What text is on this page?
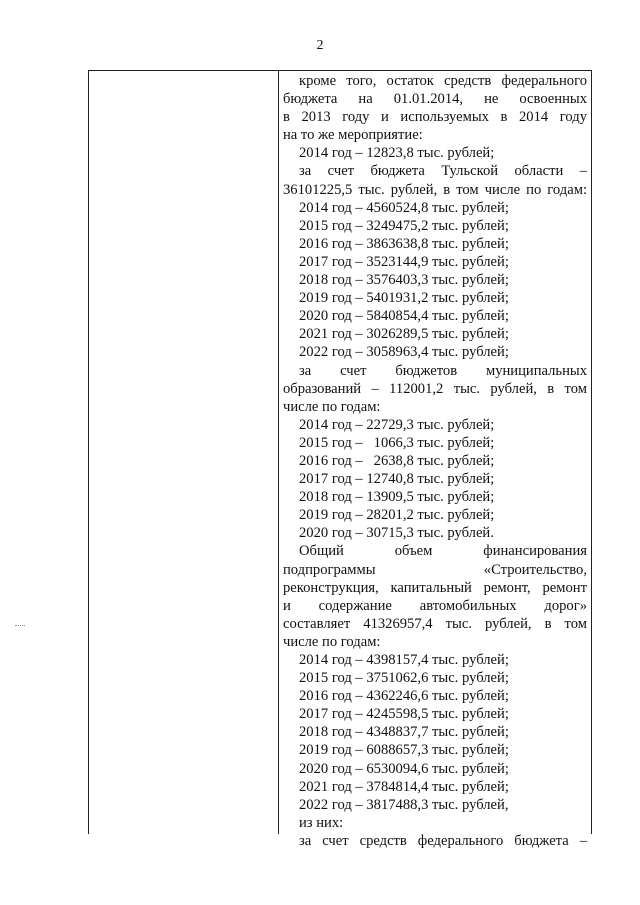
2
кроме того, остаток средств федерального
бюджета на 01.01.2014, не освоенных
в 2013 году и используемых в 2014 году
на то же мероприятие:
2014 год – 12823,8 тыс. рублей;
за счет бюджета Тульской области –
36101225,5 тыс. рублей, в том числе по годам:
2014 год – 4560524,8 тыс. рублей;
2015 год – 3249475,2 тыс. рублей;
2016 год – 3863638,8 тыс. рублей;
2017 год – 3523144,9 тыс. рублей;
2018 год – 3576403,3 тыс. рублей;
2019 год – 5401931,2 тыс. рублей;
2020 год – 5840854,4 тыс. рублей;
2021 год – 3026289,5 тыс. рублей;
2022 год – 3058963,4 тыс. рублей;
за счет бюджетов муниципальных
образований – 112001,2 тыс. рублей, в том
числе по годам:
2014 год – 22729,3 тыс. рублей;
2015 год –   1066,3 тыс. рублей;
2016 год –   2638,8 тыс. рублей;
2017 год – 12740,8 тыс. рублей;
2018 год – 13909,5 тыс. рублей;
2019 год – 28201,2 тыс. рублей;
2020 год – 30715,3 тыс. рублей.
Общий объем финансирования
подпрограммы «Строительство,
реконструкция, капитальный ремонт, ремонт
и содержание автомобильных дорог»
составляет 41326957,4 тыс. рублей, в том
числе по годам:
2014 год – 4398157,4 тыс. рублей;
2015 год – 3751062,6 тыс. рублей;
2016 год – 4362246,6 тыс. рублей;
2017 год – 4245598,5 тыс. рублей;
2018 год – 4348837,7 тыс. рублей;
2019 год – 6088657,3 тыс. рублей;
2020 год – 6530094,6 тыс. рублей;
2021 год – 3784814,4 тыс. рублей;
2022 год – 3817488,3 тыс. рублей,
из них:
за счет средств федерального бюджета –
